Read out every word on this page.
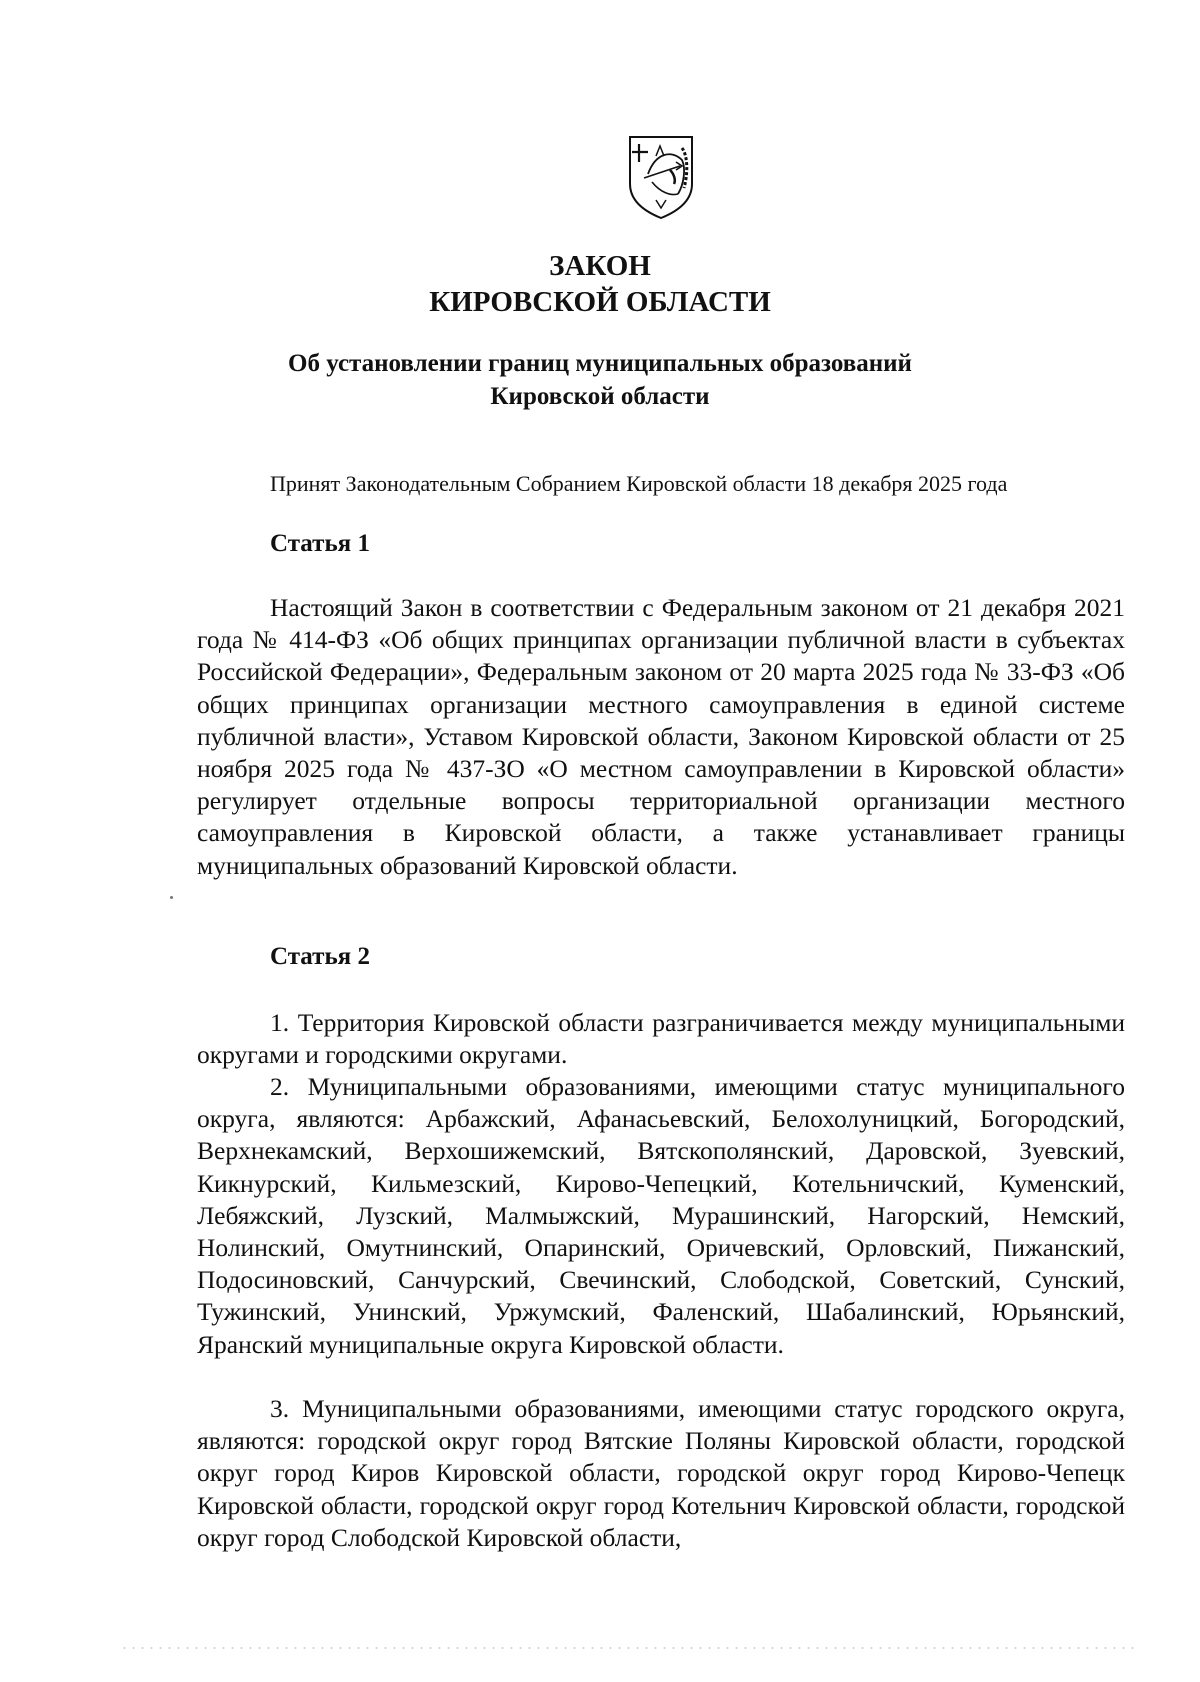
ЗАКОН
КИРОВСКОЙ ОБЛАСТИ
Об установлении границ муниципальных образований
Кировской области
Принят Законодательным Собранием Кировской области 18 декабря 2025 года
Статья 1
Настоящий Закон в соответствии с Федеральным законом от 21 декабря 2021 года № 414-ФЗ «Об общих принципах организации публичной власти в субъектах Российской Федерации», Федеральным законом от 20 марта 2025 года № 33-ФЗ «Об общих принципах организации местного самоуправления в единой системе публичной власти», Уставом Кировской области, Законом Кировской области от 25 ноября 2025 года № 437-ЗО «О местном самоуправлении в Кировской области» регулирует отдельные вопросы территориальной организации местного самоуправления в Кировской области, а также устанавливает границы муниципальных образований Кировской области.
Статья 2
1. Территория Кировской области разграничивается между муниципальными округами и городскими округами.
2. Муниципальными образованиями, имеющими статус муниципального округа, являются: Арбажский, Афанасьевский, Белохолуницкий, Богородский, Верхнекамский, Верхошижемский, Вятскополянский, Даровской, Зуевский, Кикнурский, Кильмезский, Кирово-Чепецкий, Котельничский, Куменский, Лебяжский, Лузский, Малмыжский, Мурашинский, Нагорский, Немский, Нолинский, Омутнинский, Опаринский, Оричевский, Орловский, Пижанский, Подосиновский, Санчурский, Свечинский, Слободской, Советский, Сунский, Тужинский, Унинский, Уржумский, Фаленский, Шабалинский, Юрьянский, Яранский муниципальные округа Кировской области.
3. Муниципальными образованиями, имеющими статус городского округа, являются: городской округ город Вятские Поляны Кировской области, городской округ город Киров Кировской области, городской округ город Кирово-Чепецк Кировской области, городской округ город Котельнич Кировской области, городской округ город Слободской Кировской области,
